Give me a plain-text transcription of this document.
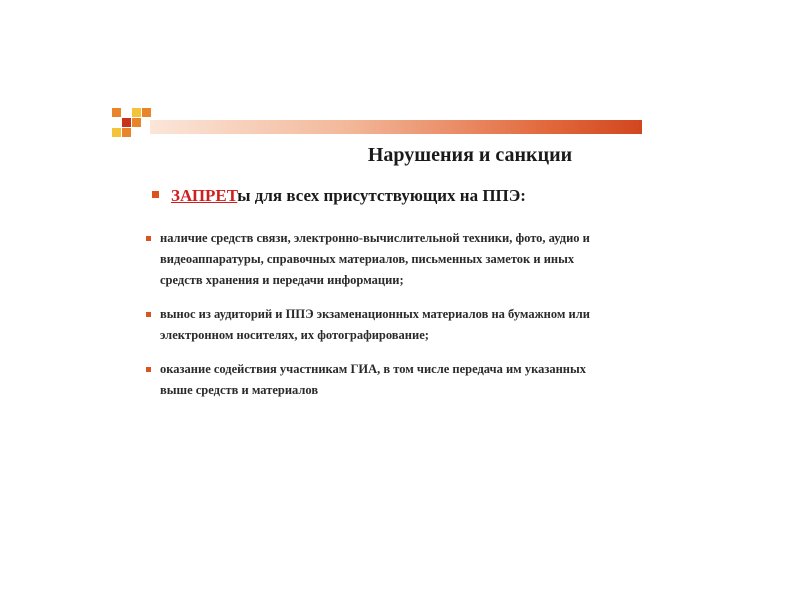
Нарушения и санкции
ЗАПРЕТы для всех присутствующих на ППЭ:
наличие средств связи, электронно-вычислительной техники, фото, аудио и видеоаппаратуры, справочных материалов, письменных заметок и иных средств хранения и передачи информации;
вынос из аудиторий и ППЭ экзаменационных материалов на бумажном или электронном носителях, их фотографирование;
оказание содействия участникам ГИА, в том числе передача им указанных выше средств и материалов
